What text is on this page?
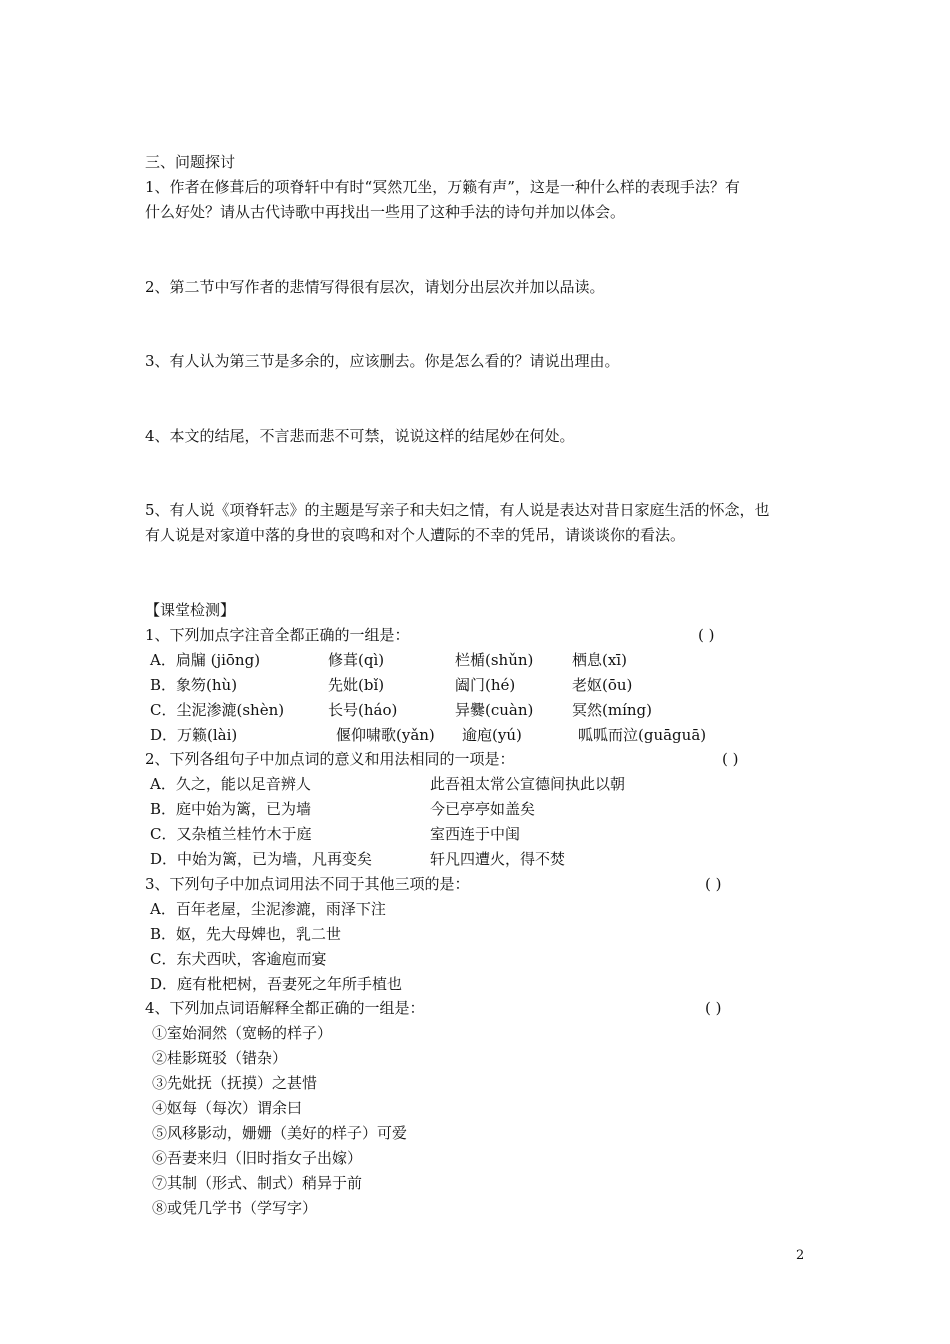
三、问题探讨
1、作者在修葺后的项脊轩中有时“冥然兀坐，万籁有声”，这是一种什么样的表现手法？有
什么好处？请从古代诗歌中再找出一些用了这种手法的诗句并加以体会。
2、第二节中写作者的悲情写得很有层次，请划分出层次并加以品读。
3、有人认为第三节是多余的，应该删去。你是怎么看的？请说出理由。
4、本文的结尾，不言悲而悲不可禁，说说这样的结尾妙在何处。
5、有人说《项脊轩志》的主题是写亲子和夫妇之情，有人说是表达对昔日家庭生活的怀念，也
有人说是对家道中落的身世的哀鸣和对个人遭际的不幸的凭吊，请谈谈你的看法。
【课堂检测】
1、下列加点字注音全都正确的一组是：	( )
A．扃牖 (jiōng)	修葺(qì)	栏楯(shǔn)	栖息(xī)
B．象笏(hù)	先妣(bǐ)	阖门(hé)	老妪(ōu)
C．尘泥渗漉(shèn)	长号(háo)	异爨(cuàn)	冥然(míng)
D．万籁(lài)	偃仰啸歌(yǎn) 逾庖(yú)	呱呱而泣(guāguā)
2、下列各组句子中加点词的意义和用法相同的一项是：	( )
A．久之，能以足音辨人	此吾祖太常公宣德间执此以朝
B．庭中始为篱，已为墙	今已亭亭如盖矣
C．又杂植兰桂竹木于庭	室西连于中闺
D．中始为篱，已为墙，凡再变矣	轩凡四遭火，得不焚
3、下列句子中加点词用法不同于其他三项的是：	( )
A．百年老屋，尘泥渗漉，雨泽下注
B．妪，先大母婢也，乳二世
C．东犬西吠，客逾庖而宴
D．庭有枇杷树，吾妻死之年所手植也
4、下列加点词语解释全都正确的一组是：	( )
①室始洞然（宽畅的样子）
②桂影斑驳（错杂）
③先妣抚（抚摸）之甚惜
④妪每（每次）谓余曰
⑤风移影动，姗姗（美好的样子）可爱
⑥吾妻来归（旧时指女子出嫁）
⑦其制（形式、制式）稍异于前
⑧或凭几学书（学写字）
2
